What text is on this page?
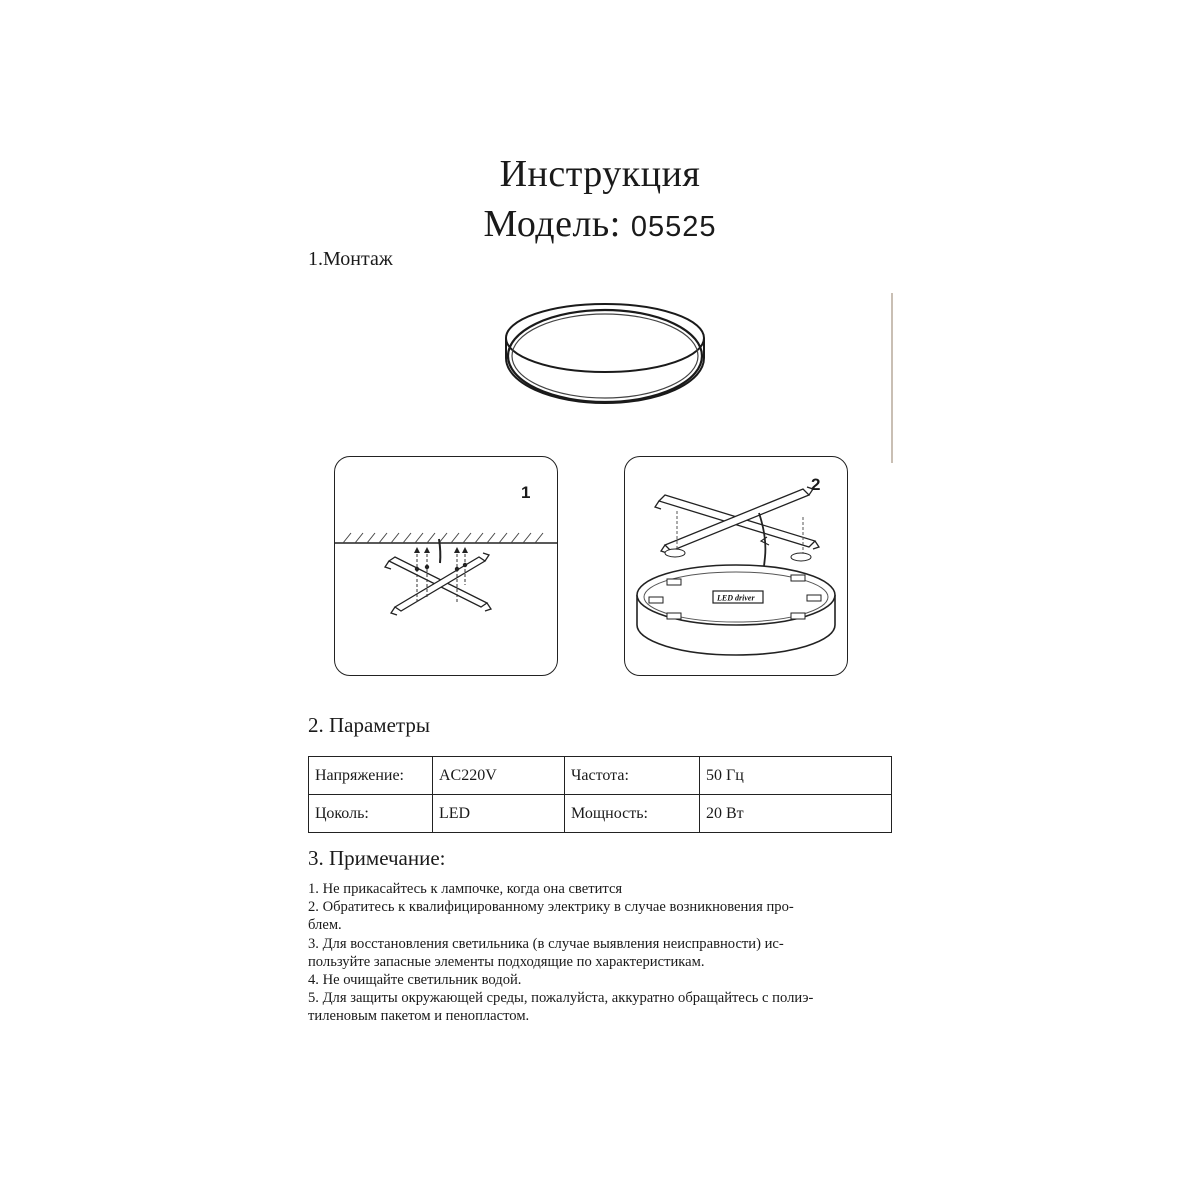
Инструкция
Модель: 05525
1.Монтаж
1	2
LED driver
2. Параметры
Напряжение:	AC220V	Частота:	50 Гц
Цоколь:	LED	Мощность:	20 Вт
3. Примечание:
1. Не прикасайтесь к лампочке, когда она светится
2. Обратитесь к квалифицированному электрику в случае возникновения про-
блем.
3. Для восстановления светильника (в случае выявления неисправности) ис-
пользуйте запасные элементы подходящие по характеристикам.
4. Не очищайте светильник водой.
5. Для защиты окружающей среды, пожалуйста, аккуратно обращайтесь с полиэ-
тиленовым пакетом и пенопластом.
